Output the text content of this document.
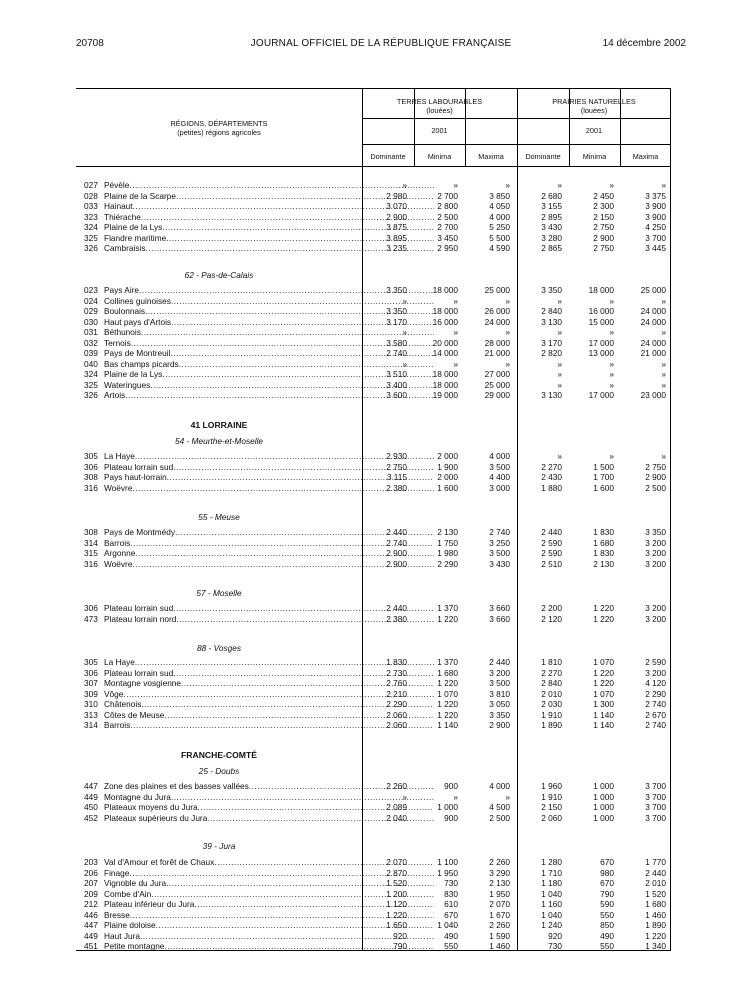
20708	JOURNAL OFFICIEL DE LA RÉPUBLIQUE FRANÇAISE	14 décembre 2002
RÉGIONS, DÉPARTEMENTS
(petites) régions agricoles
TERRES LABOURABLES
(louées)
PRAIRIES NATURELLES
(louées)
2001	2001
Dominante	Minima	Maxima	Dominante	Minima	Maxima
027 Pévèle .....	»	»	»	»	»	»
028 Plaine de la Scarpe .....	2 980	2 700	3 850	2 680	2 450	3 375
033 Hainaut .....	3 070	2 800	4 050	3 155	2 300	3 900
323 Thiérache .....	2 900	2 500	4 000	2 895	2 150	3 900
324 Plaine de la Lys .....	3 875	2 700	5 250	3 430	2 750	4 250
325 Flandre maritime .....	3 895	3 450	5 500	3 280	2 900	3 700
326 Cambraisis .....	3 235	2 950	4 590	2 865	2 750	3 445
62 - Pas-de-Calais
023 Pays Aire .....	3 350	18 000	25 000	3 350	18 000	25 000
024 Collines guinoises .....	»	»	»	»	»	»
029 Boulonnais .....	3 350	18 000	26 000	2 840	16 000	24 000
030 Haut pays d'Artois .....	3 170	16 000	24 000	3 130	15 000	24 000
031 Béthunois .....	»	»	»	»	»	»
032 Ternois .....	3 580	20 000	28 000	3 170	17 000	24 000
039 Pays de Montreuil .....	2 740	14 000	21 000	2 820	13 000	21 000
040 Bas champs picards .....	»	»	»	»	»	»
324 Plaine de la Lys .....	3 510	18 000	27 000	»	»	»
325 Wateringues .....	3 400	18 000	25 000	»	»	»
326 Artois .....	3 600	19 000	29 000	3 130	17 000	23 000
41 LORRAINE
54 - Meurthe-et-Moselle
305 La Haye .....	2 930	2 000	4 000	»	»	»
306 Plateau lorrain sud .....	2 750	1 900	3 500	2 270	1 500	2 750
308 Pays haut-lorrain .....	3 115	2 000	4 400	2 430	1 700	2 900
316 Woëvre .....	2 380	1 600	3 000	1 880	1 600	2 500
55 - Meuse
308 Pays de Montmédy .....	2 440	2 130	2 740	2 440	1 830	3 350
314 Barrois .....	2 740	1 750	3 250	2 590	1 680	3 200
315 Argonne .....	2 900	1 980	3 500	2 590	1 830	3 200
316 Woëvre .....	2 900	2 290	3 430	2 510	2 130	3 200
57 - Moselle
306 Plateau lorrain sud .....	2 440	1 370	3 660	2 200	1 220	3 200
473 Plateau lorrain nord .....	2 380	1 220	3 660	2 120	1 220	3 200
88 - Vosges
305 La Haye .....	1 830	1 370	2 440	1 810	1 070	2 590
306 Plateau lorrain sud .....	2 730	1 680	3 200	2 270	1 220	3 200
307 Montagne vosgienne .....	2 760	1 220	3 500	2 840	1 220	4 120
309 Vôge .....	2 210	1 070	3 810	2 010	1 070	2 290
310 Châtenois .....	2 290	1 220	3 050	2 030	1 300	2 740
313 Côtes de Meuse .....	2 060	1 220	3 350	1 910	1 140	2 670
314 Barrois .....	2 060	1 140	2 900	1 890	1 140	2 740
FRANCHE-COMTÉ
25 - Doubs
447 Zone des plaines et des basses vallées .....	2 260	900	4 000	1 960	1 000	3 700
449 Montagne du Jura .....	»	»	»	1 910	1 000	3 700
450 Plateaux moyens du Jura .....	2 089	1 000	4 500	2 150	1 000	3 700
452 Plateaux supérieurs du Jura .....	2 040	900	2 500	2 060	1 000	3 700
39 - Jura
203 Val d'Amour et forêt de Chaux .....	2 070	1 100	2 260	1 280	670	1 770
206 Finage .....	2 870	1 950	3 290	1 710	980	2 440
207 Vignoble du Jura .....	1 520	730	2 130	1 180	670	2 010
209 Combe d'Ain .....	1 200	830	1 950	1 040	790	1 520
212 Plateau inférieur du Jura .....	1 120	610	2 070	1 160	590	1 680
446 Bresse .....	1 220	670	1 670	1 040	550	1 460
447 Plaine doloise .....	1 650	1 040	2 260	1 240	850	1 890
449 Haut Jura .....	920	490	1 590	920	490	1 220
451 Petite montagne .....	790	550	1 460	730	550	1 340
